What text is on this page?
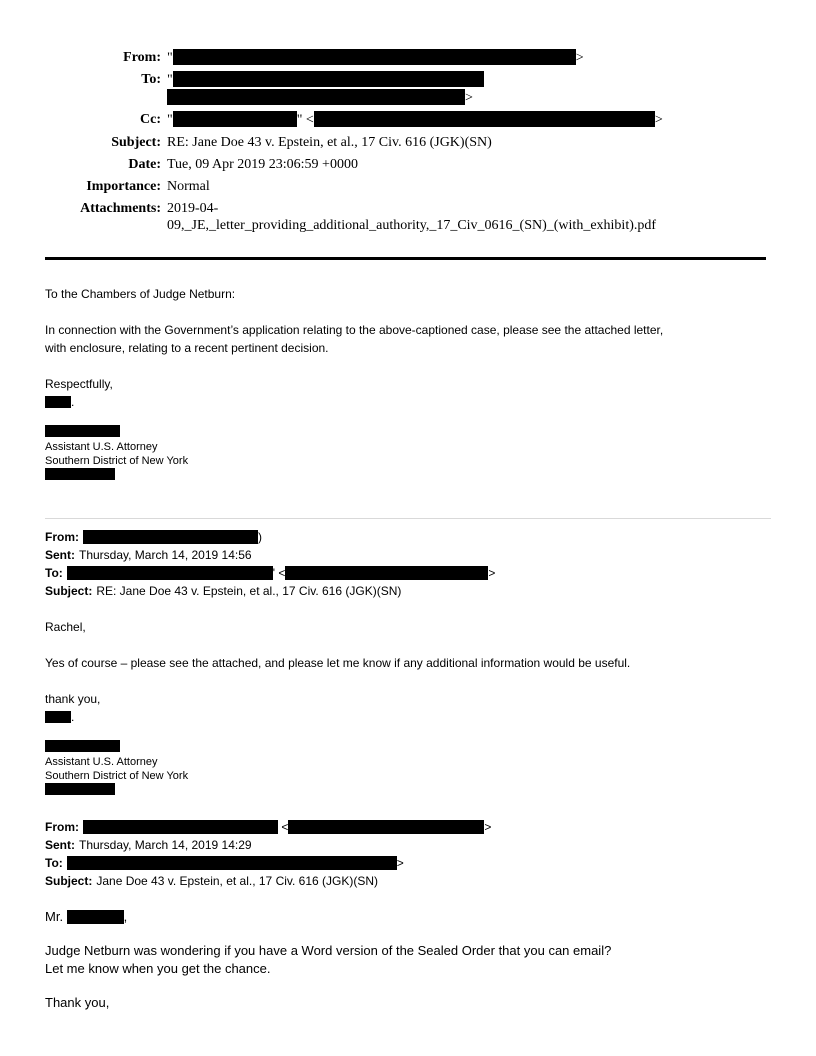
From:	" >
To:	"
>
Cc:	" " < >
Subject:	RE: Jane Doe 43 v. Epstein, et al., 17 Civ. 616 (JGK)(SN)
Date:	Tue, 09 Apr 2019 23:06:59 +0000
Importance:	Normal
Attachments:	2019-04-
09,_JE,_letter_providing_additional_authority,_17_Civ_0616_(SN)_(with_exhibit).pdf

To the Chambers of Judge Netburn:

In connection with the Government’s application relating to the above-captioned case, please see the attached letter,
with enclosure, relating to a recent pertinent decision.

Respectfully,

.

Assistant U.S. Attorney
Southern District of New York
From:	)
Sent: Thursday, March 14, 2019 14:56
To:	' <	>
Subject: RE: Jane Doe 43 v. Epstein, et al., 17 Civ. 616 (JGK)(SN)

Rachel,

Yes of course – please see the attached, and please let me know if any additional information would be useful.

thank you,

.

Assistant U.S. Attorney
Southern District of New York
From:	<	>
Sent: Thursday, March 14, 2019 14:29
To:	>
Subject: Jane Doe 43 v. Epstein, et al., 17 Civ. 616 (JGK)(SN)

Mr.	,

Judge Netburn was wondering if you have a Word version of the Sealed Order that you can email?
Let me know when you get the chance.

Thank you,
